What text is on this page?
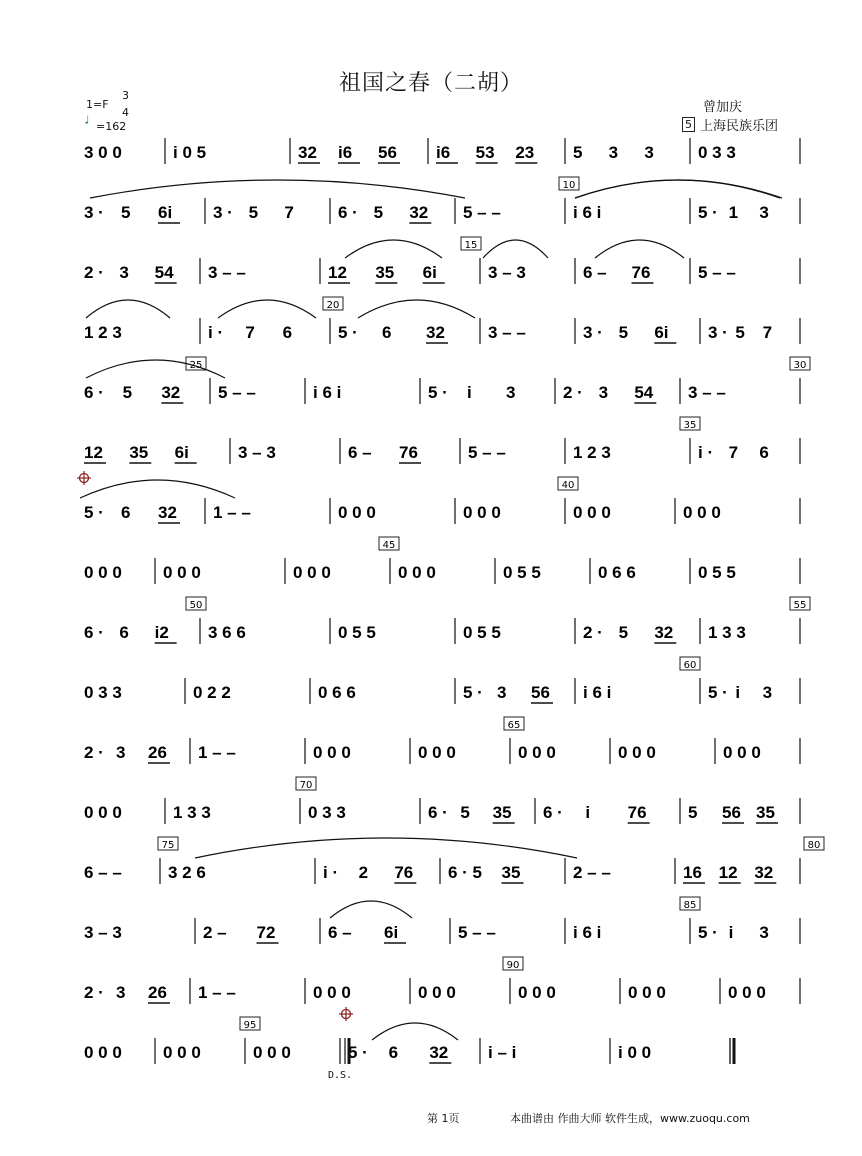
祖国之春（二胡）
1=F
3
4
♩
=162
曾加庆
5 上海民族乐团
3 0 0	i 0 5	32 i6 56 i6 53 23 5 3 3	0 3 3
3 · 5 6i 3 · 5 7	6 · 5 32 5 – –	i 6 i	5 · 1 3
2 · 3 54 3 – –	12 35 6i	3 – 3	6 – 76	5 – –
1 2 3	i · 7 6	5 · 6 32	3 – –	3 · 5 6i 3 · 5 7
6 · 5 32 5 – –	i 6 i	5 · i 3	2 · 3 54 3 – –
12 35 6i	3 – 3	6 – 76	5 – –	1 2 3	i · 7 6
5 · 6 32 1 – –	0 0 0	0 0 0	0 0 0	0 0 0
0 0 0 0 0 0	0 0 0	0 0 0	0 5 5	0 6 6	0 5 5
6 · 6 i2 3 6 6	0 5 5	0 5 5	2 · 5 32 1 3 3
0 3 3	0 2 2	0 6 6	5 · 3 56 i 6 i	5 · i 3
2 · 3 26 1 – –	0 0 0	0 0 0	0 0 0	0 0 0	0 0 0
0 0 0	1 3 3	0 3 3	6 · 5 35 6 · i 76 5 56 35
6 – –	3 2 6	i · 2 76 6 · 5 35	2 – –	16 12 32
3 – 3	2 – 72	6 – 6i	5 – –	i 6 i	5 · i 3
2 · 3 26 1 – –	0 0 0	0 0 0	0 0 0	0 0 0	0 0 0
0 0 0 0 0 0	0 0 0	5 · 6 32 i – i	i 0 0
10
15
20
25	30
35
40
45
50	55
60
65
70
75	80
85
90
95
D.S.
第 1页	本曲谱由 作曲大师 软件生成，www.zuoqu.com
